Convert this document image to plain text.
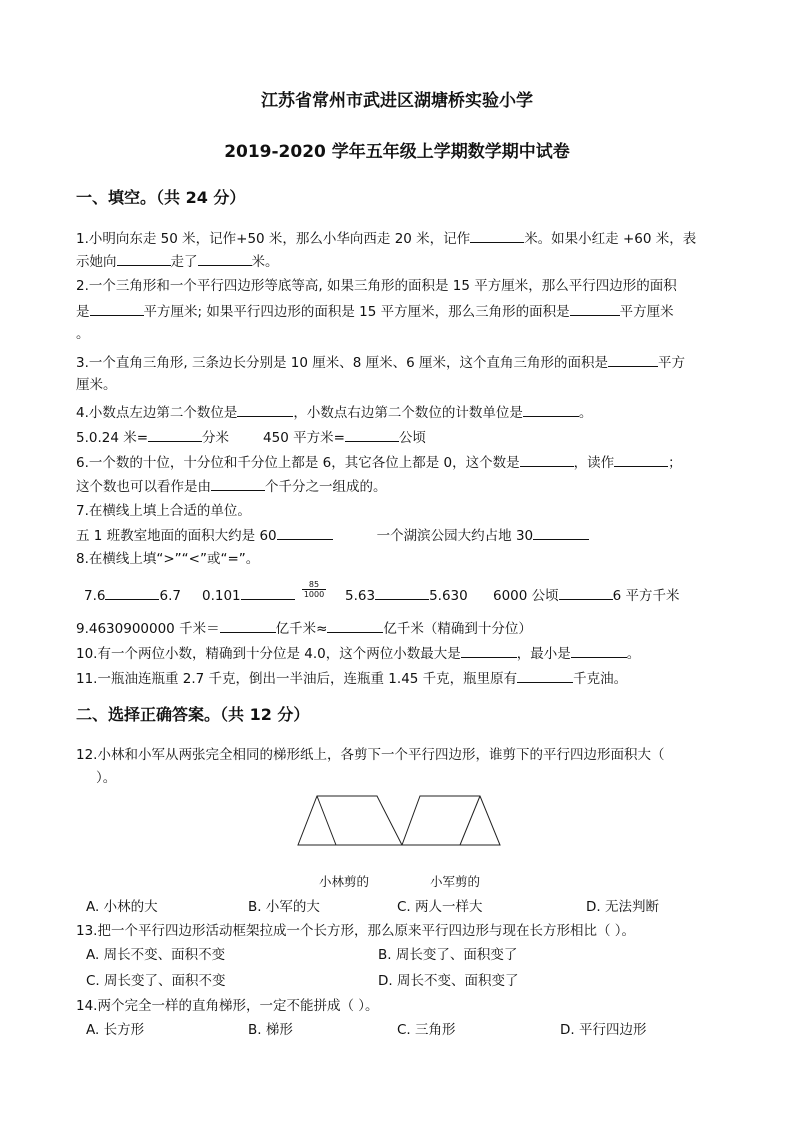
江苏省常州市武进区湖塘桥实验小学
2019-2020 学年五年级上学期数学期中试卷
一、填空。（共 24 分）
1.小明向东走 50 米，记作+50 米，那么小华向西走 20 米，记作	米。如果小红走 +60 米，表
示她向	走了	米。
2.一个三角形和一个平行四边形等底等高, 如果三角形的面积是 15 平方厘米，那么平行四边形的面积
是	平方厘米; 如果平行四边形的面积是 15 平方厘米，那么三角形的面积是	平方厘米
。
3.一个直角三角形, 三条边长分别是 10 厘米、8 厘米、6 厘米，这个直角三角形的面积是	平方
厘米。
4.小数点左边第二个数位是	，小数点右边第二个数位的计数单位是	。
5.0.24 米=	分米	450 平方米=	公顷
6.一个数的十位，十分位和千分位上都是 6，其它各位上都是 0，这个数是	，读作	；
这个数也可以看作是由	个千分之一组成的。
7.在横线上填上合适的单位。
五 1 班教室地面的面积大约是 60	一个湖滨公园大约占地 30
8.在横线上填“>”“<”或“=”。
7.6	6.7 0.101	$\frac{85}{1000} 5.63$	5.630 6000 公顷	6 平方千米
9.4630900000 千米＝	亿千米≈	亿千米（精确到十分位）
10.有一个两位小数，精确到十分位是 4.0，这个两位小数最大是	，最小是	。
11.一瓶油连瓶重 2.7 千克，倒出一半油后，连瓶重 1.45 千克，瓶里原有	千克油。
二、选择正确答案。（共 12 分）
12.小林和小军从两张完全相同的梯形纸上，各剪下一个平行四边形，谁剪下的平行四边形面积大（
）。
小林剪的	小军剪的
A. 小林的大	B. 小军的大	C. 两人一样大	D. 无法判断
13.把一个平行四边形活动框架拉成一个长方形，那么原来平行四边形与现在长方形相比（ ）。
A. 周长不变、面积不变	B. 周长变了、面积变了
C. 周长变了、面积不变	D. 周长不变、面积变了
14.两个完全一样的直角梯形，一定不能拼成（ ）。
A. 长方形	B. 梯形	C. 三角形	D. 平行四边形
